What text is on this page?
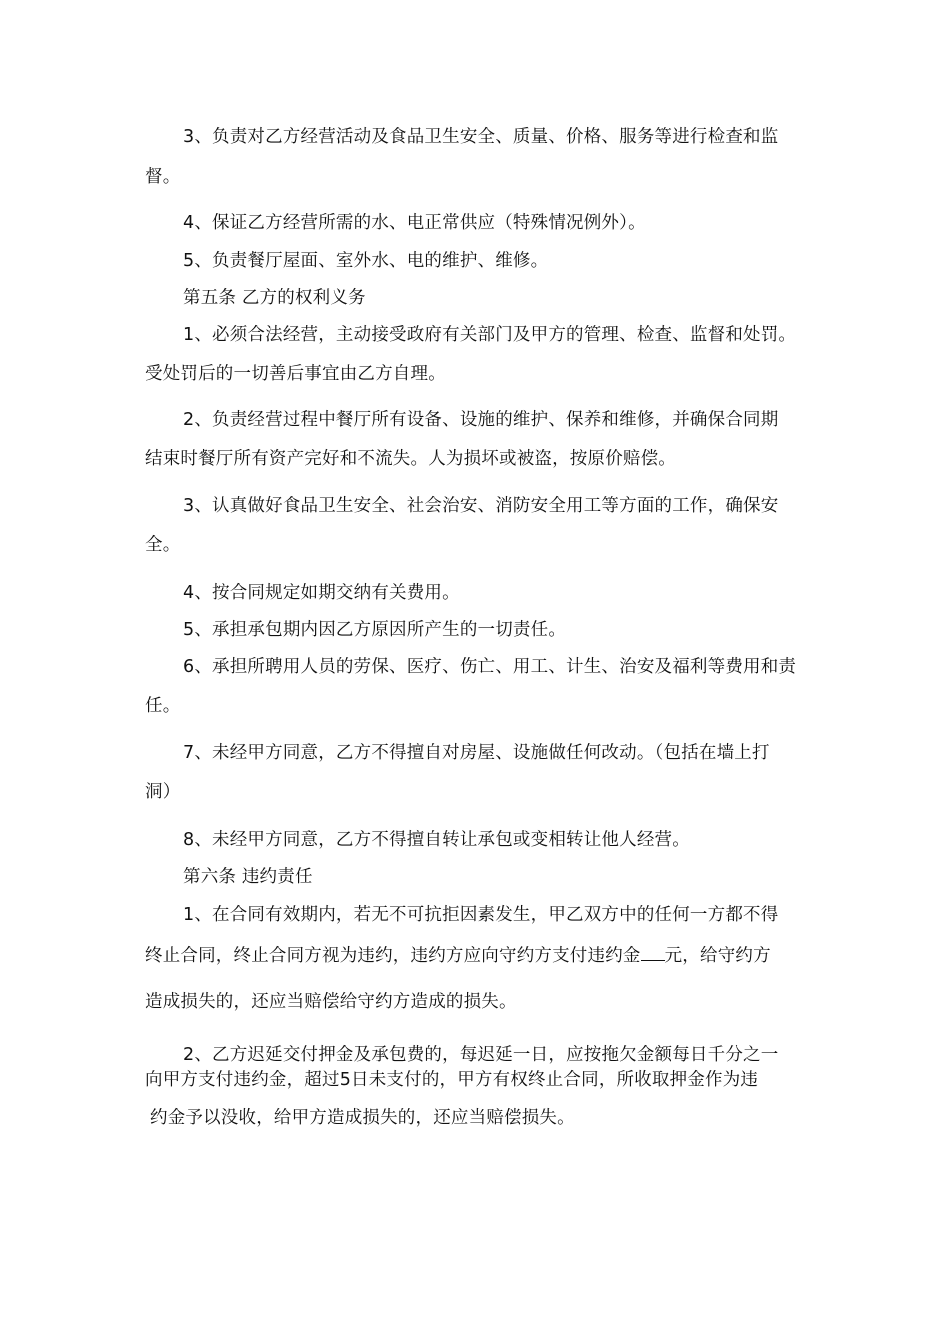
3、负责对乙方经营活动及食品卫生安全、质量、价格、服务等进行检查和监
督。
4、保证乙方经营所需的水、电正常供应（特殊情况例外）。
5、负责餐厅屋面、室外水、电的维护、维修。
第五条 乙方的权利义务
1、必须合法经营，主动接受政府有关部门及甲方的管理、检查、监督和处罚。
受处罚后的一切善后事宜由乙方自理。
2、负责经营过程中餐厅所有设备、设施的维护、保养和维修，并确保合同期
结束时餐厅所有资产完好和不流失。人为损坏或被盗，按原价赔偿。
3、认真做好食品卫生安全、社会治安、消防安全用工等方面的工作，确保安
全。
4、按合同规定如期交纳有关费用。
5、承担承包期内因乙方原因所产生的一切责任。
6、承担所聘用人员的劳保、医疗、伤亡、用工、计生、治安及福利等费用和责
任。
7、未经甲方同意，乙方不得擅自对房屋、设施做任何改动。（包括在墙上打
洞）
8、未经甲方同意，乙方不得擅自转让承包或变相转让他人经营。
第六条 违约责任
1、在合同有效期内，若无不可抗拒因素发生，甲乙双方中的任何一方都不得
终止合同，终止合同方视为违约，违约方应向守约方支付违约金 元，给守约方
造成损失的，还应当赔偿给守约方造成的损失。
2、乙方迟延交付押金及承包费的，每迟延一日，应按拖欠金额每日千分之一
向甲方支付违约金，超过5日未支付的，甲方有权终止合同，所收取押金作为违
约金予以没收，给甲方造成损失的，还应当赔偿损失。
